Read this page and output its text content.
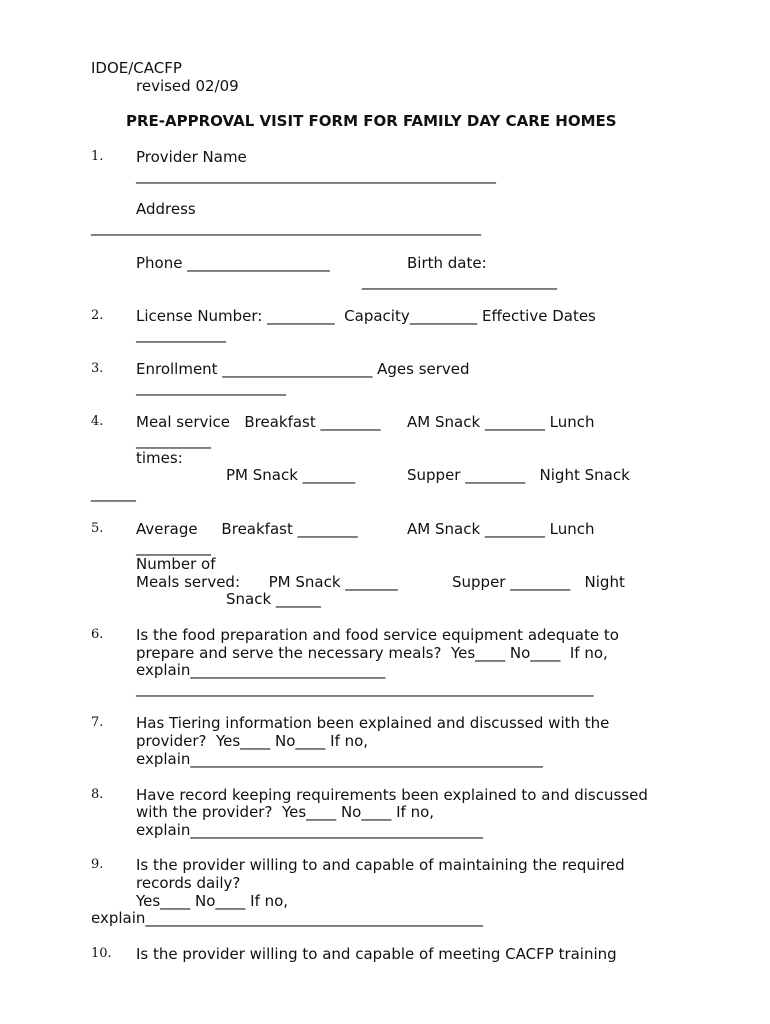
IDOE/CACFP
revised 02/09
PRE-APPROVAL VISIT FORM FOR FAMILY DAY CARE HOMES
1. Provider Name
________________________________________________
Address
____________________________________________________
Phone ___________________	Birth date:
__________________________
2. License Number: _________  Capacity_________ Effective Dates
____________
3. Enrollment ____________________ Ages served
____________________
4. Meal service   Breakfast ________ AM Snack ________ Lunch
__________
times:
PM Snack _______	Supper ________   Night Snack
______
5. Average     Breakfast ________	AM Snack ________ Lunch
__________
Number of
Meals served:      PM Snack _______	Supper ________   Night
Snack ______
6. Is the food preparation and food service equipment adequate to
prepare and serve the necessary meals?  Yes____ No____  If no,
explain__________________________
_____________________________________________________________
7. Has Tiering information been explained and discussed with the
provider?  Yes____ No____ If no,
explain_______________________________________________
8. Have record keeping requirements been explained to and discussed
with the provider?  Yes____ No____ If no,
explain_______________________________________
9. Is the provider willing to and capable of maintaining the required
records daily?
Yes____ No____ If no,
explain_____________________________________________
10. Is the provider willing to and capable of meeting CACFP training
